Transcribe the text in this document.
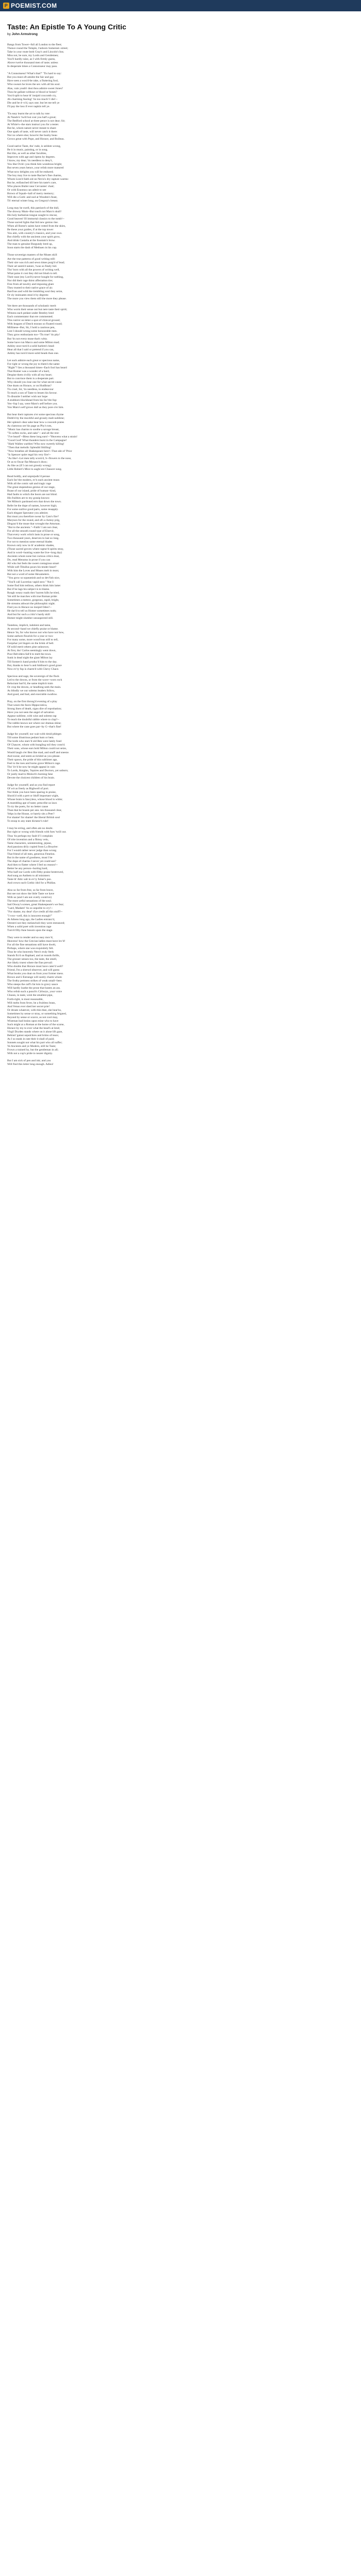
P POEMIST.COM
Taste: An Epistle To A Young Critic
by John Armstrong
Bangs from Tower--full all London to the fleet;
Thence round the Temple, t'unborn Somerset--street;
Take in your route both Gray's and Lincoln's Inn;
Miss not, be sure, my Lords and Gentlemen;
You'll hardly raise, as I with firmly guess,
Above twelve thousand men of taste; unless
In desperate times a Connoisseur may pass.
"A Connoisseur! What's that?" 'Tis hard to say:
But you must oft amidst the fair and gay
Have seen a wou'd-be rake, a fluttering fool,
Who swears he loves the sex with all his soul.
Alas, vain youth! dost thou admire sweet Jones?
Thou be gallant without or blood or bones?
You'd split to hear th' insipid coxcomb cry,
Ah charming fearing! 'tis too much! I die!--
Die and be d--n'd, says one; but let me tell ye
I'll pay the loss if ever napkin tell ye.
'Tis easy learnt the art to talk by rote:
At Nando's 'twill but cost you half a groat;
The Bedford school at three pence is not dear; Sir;
At White's--the stars instruct you for a tester.
But he, whom nature never meant to share
One spark of taste, will never catch it there:
Nor no where else; howe'er the booby beau
Grows great with Pope, and Horace, and Boileau.
Good native Taste, tho' rude, is seldom wrong,
Be it in music, painting, or in song.
But this, as well as other faculties,
Improves with age and ripens by degrees.
I know, my dear; 'tis needless to deny't,
You like Ovid--you think him wondrous bright;
But seven years hence, your relish more matured
What now delights you will be endured;
The boy may live to taste Racine's fine charms,
Whom Lion'd faith sid on Nevis's dry rapture warms:
But he, enflanched till here his taste's care,
Who places Butler near Cervantes' chair;
Or with Erasmus can admit to see
Brown of Squab--hall of merry memory;
Will die a Goth: and nod at Wooden's feast,
Th' eternal winter long, on Gregory's breast.
Long may he swell, this patriarch of the dull,
The drowsy Mum--But touch not Maro's skull!
His holy barbarian tongue sought to rescue,
Good heaven! Ill immortal classics to the tomb!--
Those sacred lights that bid new genius rise.
When all Rome's saints have rotted from the skies,
Be these your guides, if at the top tower
You aim, with country's classics, and your own.
But chiefly with the ancients your spirit grow,
And drink Castalia at the fountain's brow.
The man to genuine Burgundy bred up,
Soon starts the dash of Methuen in his cup.
Those sovereign masters of the Muses skill
Are the true patterns of good writing still:
Their sire was rich and sewn times purg'd of lead;
Their art seem'd nature, 'twas so finely hid.
Tho' born with all the powers of writing well,
What pains it cost they did not blush to tell.
Their ease (my Lord's) never bought for nothing,
Nor did their rage thirst affectation tire;
Free from all tawdry and imposing glare
They trusted to their native grace of air.
Bard'ous and wild the trembling soul they seize,
Or sly insinuates steal it by degrees:
The more you view them still the more they please.
Yet there are thousands of scholastic merit
Who worm their sense out but nere taste their spirit;
Witness each pedant under Bentley bred
Each commentator that ere commented.
This rum'er on letter a spot of clinical ground;
With leagues of Dutch morass so floated round;
Millinese--But, Sir, I hold a cautious pen,
Lest I should wrong some honourable men.
They grow enthusiasts too--'Tis true! 'tis pity!
But 'tis not every muse that's witty.
Some have run Marco and some Milton mad;
Ashley once turn'd a solid harlem's head:
Hear all that I said or pretend if you can,
Ashley has turn'd more solid heads than one.
Let such admire each great or specious name,
For right or wrong the joy to them's the same:
"Right"? lies a thousand times--Each fool has heard
That Homer was a wonder of a bard,
Despise them civilly with all my heart;
But to convince them is a desperate part.
Why should you lose one for what secret cause
One doats on Horace, or on Hudibras?
Tis cruel, Sir, 'tis needless, to endeavour
To teach a son of Taste to lessen his favour.
To disunite I neither wish nor hope
A stubborn blockhead from his fav'rite fop:
Yes--fop I say, were Maro's self before you.
Yon Maro's self grows dull as they pore o'er him.
But hear their raptures o'er some specious rhyme
Dubb'd by the mockful and grossly malt-sublime;
Her splenn's dear sake hear how a cosconb prates
As clamrous oer his page as Phy's tots,
"Music has charms to soothe a savage breast,
"To soften rocks, and oaks"-- and all the rest:
"I've heard"--Bless these long ears!--"Heavens what a strain!
"Good God! What thunders burst in the Campagne!
"Hark Wallen warbles! Who now sweetly killing!
"Then that melodic Splendid Shilling!
"Now breathes all Shakespeare here!--That ode of 'Prior
"Is Spencer quite regal his very fire!--
"As like!--Let men tally scorn'd, S--flowers to the nose,
Or as to Oscar flat Monaco's draw;
As like as (if I can not grossly wrong)
Little Robert's Mice to aught ere Chaucer sung.
Read boldly, and unprejudic'd peruse
Each fav'rite modern, ev'n each ancient muse.
With all the comic salt and tragic rage
The great stupendous genius of our stage,
Boast of our island, pride of human--kind,
Had faults to which the boors are not blind.
His frailties are to my gossip known:
Yet Milton's pardoned errs that down the town.
Refer be the dupe of names, however high;
For some outlive good parts, some reuapply.
Each elegant Spectator you admire;
But must you therefore swear by Cato's fire?
Maryson for the round, and oft a clumsy prig,
Disgrac'd the muse that wrought the Atturnan.
"But to the ancients."--Faith! I am not clear,
For all the smooth round type of Elzevir,
That every work which lasts in prose or song,
Two thousand years, deserves to last so long.
For not to mention some eternal blades
Known only now in th' academic shades,
(Those sacred groves where raptur'd spirits stray,
And in word--hunting waste the live--long day)
Ancients whom none but curious critics doat,
Do, read Menutus in prose if you can
All who but feels the sweet contagious smart
While soft Tibullus pours his tender heart?
With him the Loves and Muses melt in tears;
But not a word of some Hexameters.
"You grow so squeamish and so dev'lish nice,
"You'll call Lucretius vapid next." Not I:
Some find him tedious, others think him lame:
But if he lags his subject is to blame.
Rough weary roads thro' barren hills he tried,
Yet still he marches with true Roman pride:
Sometimes a meteor, gorgeous, rapid, bright,
He streams athwart the philosophic night.
Find you in Horace no insipid Odes?--
He dar'd to tell us Homer sometimes nods;
And but for such a critic's hardy skill
Homer might slumber unsuspected still.
Tasteless, implicit, indolent and tame,
At second--hand we chiefly praise or blame.
Hence 'tis, for who knows not who have not how,
Some authors flourish for a year or two:
For many some, more wond'rous still to tell,
Farquhar yet lingers on the brink of hell.
Of solid merit others pine unknown;
At first, tho' Carlos seemingly went down,
Poor Belvidera fail'd to melt the town.
Sunk in dead night the giant Milton lay
Till Somers's hand produc'd him to the day.
But, thanks to heav'n and Addison's good grace
Now ev'ry fop is charm'd with Chevy Chace.
Specious and sage, the sovereign of the flock
Led to the downs, or from the wave--worn rock
Reluctant hurl'd, the same implicit train
Or crop the downs, or headlong seek the main.
As blindly we our solemn leaders follow,
And good, and bad, and execrable swallow.
Pray, on the first throng'd evening of a play
That wears the faces Hippocratica,
Strong lines of death, signs dire of reprobation;
Have you not seen the angel of salvation
Appear sublime, with wise and solemn rap
To teach the doubtful rabble where to clap?--
The rabble knows not where our dramas shine;
But where the cane goes pat--by G--that's fine!
Judge for yourself; nor wait with timid phlegm
Till some illustrious pedant hum or hem.
The lords who starv'd old Ben were lately fond
Of Chaucer, whom with bungling toil they conn'd.
Their sons, whose ears bold Milton could not seize,
Would laugh o'er Ben like mad, and snuff and sneeze.
And swear, and seem as tickled as you please.
Their spawn, the pride of this sublimer age,
Feel to the toes and horns grave Milton's rage.
Tho' liv'd he now he might appeal in vain
To Lords, Knights, 'Squires and Doctors, yet unborn;
Or justly mad to Moloch's burning fane
Devote the choicest children of his brain.
Judge for yourself; and as you find report
Of wit as freely as Bigbwell of port.
Nor think you have been sparing in praise,
Shock'd with a pert or bluff important wight,
Whose brain is fancyless, whose blood is white;
A mumbling ape of taste; prescribe us laws
To try the poets, for no better cause
Than that he boasts per ann. ten thousand clear,
Yelps in the House, or barely sits a Peer?
For shame! for shame! the liberal British soul
To stoop to any state dictator's rule!
I may be erring, and often am no doubt.
But right or wrong with friends with foes 'twill out.
Thus 'tis perhaps my fault if I complain
Of trite invention and a flimsy vein,
Tame characters, uninteresting, jejune,
And passions drily copied from La Bruyère:
For I would rather never judge than wrong
That friend of all men, generous Fenelon.
But in the name of goodness, must I be
The dupe of charms I never yet could see?
And then to flatter where I feel no reason!--
Better be any person--hurting bard,
Who half our Lords with filthy praise bestrewed,
And sung an Anthem to all ministers:
Taste th' Attic salt in ev'ry fulser's pus.
And crown such Gothic idol for a Phidias.
Also so far from free, so far from brave,
But see not show the little Taste we have
With us (and I am not overly contrive)
The more artful sensations of the soul;
Sad Otway's scenes, great Shakespeare's we fear;
"Lard, Madam! 'tis so unpolite to cry!--
"For shame, my dear! d'ye credit all this stuff?--
"I vow--well, this is innocent enough!"
At Athens long ago, the Ladies entranc'd,
Oresteri not they melancholi they were entranced;
When a solid poet with invention rage
Turn'd fifty-fune bosom upon the stage.
They were to render and so easy mov'd,
Heavens! how the Grecian ladies must have lov'd!
For all the fine sensations still have dwelt,
Perhaps, where one was exquisitely felt.
Thus he who heavenly Nero's truly feels
Stands fix'd on Raphael, and at rounds thrills,
The grosser senses too, the taste, the smell,
Are likely truest where the fine prevail:
Who doubts that Horace must have cater'd well?
Friend, I'm a shrewd observer, and will guess
What books you doat on from your former mess.
Brown and L'Estrange will surely charm whom
The frothy pertness strikes of weak small--beer.
Who steeps the calf's fat loin in gravy sauce
Will hardly loathe the prose that bastes an ass.
Who relish such a punch's Cirburys, your voice
Chuses, in taste, wish the smallest pipe,
Forth-right, is most reasonable,
Will melts from fever, be a fruitless brass,
And Venus ever shed her secret prie!
Or dream whatever, with thin thee, she hear'ns,
Sometimes by sense or stray, or something feigned,
Beyond by sense or scarce, as not cool may,
Wiseman had brains upon mine who to have
Such might at a Roman at the home of the scarse,
Horace by my to ever what the head's at lend;
Virgil Dryden stands where on it alone lift gaze,
Behind 'gainst sepulchres and brims of tears;
As I so stank in rate their it shall of paid;
Sonnets sought not what his part who all suffer;
Ye Ancients and ye Modern, still be Taste;
Frown a trained by, but the gentleman in all;
With not a cup's pride to nearer dignity.
But I am sick of pen and ink; and you
Will find this letter long enough. Adieu!
